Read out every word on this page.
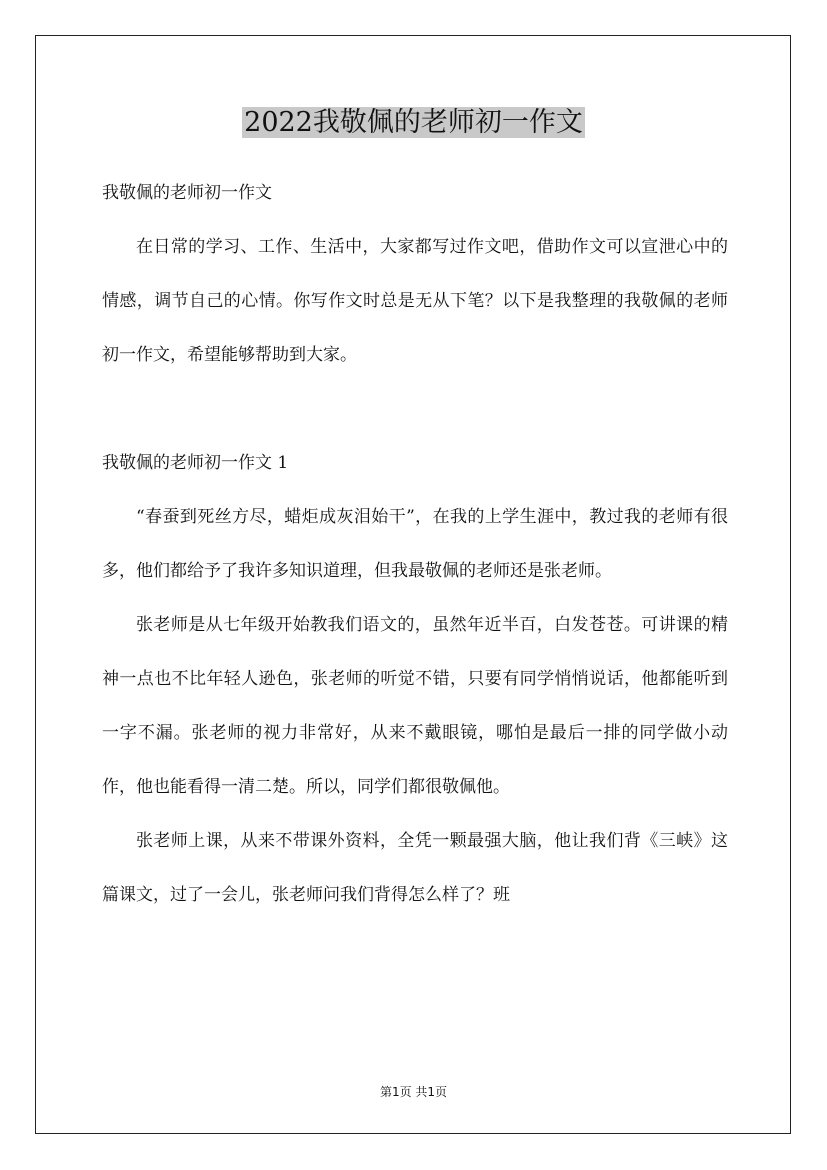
2022我敬佩的老师初一作文

我敬佩的老师初一作文

在日常的学习、工作、生活中，大家都写过作文吧，借助作文可以宣泄心中的情感，调节自己的心情。你写作文时总是无从下笔？以下是我整理的我敬佩的老师初一作文，希望能够帮助到大家。

我敬佩的老师初一作文 1

“春蚕到死丝方尽，蜡炬成灰泪始干”，在我的上学生涯中，教过我的老师有很多，他们都给予了我许多知识道理，但我最敬佩的老师还是张老师。

张老师是从七年级开始教我们语文的，虽然年近半百，白发苍苍。可讲课的精神一点也不比年轻人逊色，张老师的听觉不错，只要有同学悄悄说话，他都能听到一字不漏。张老师的视力非常好，从来不戴眼镜，哪怕是最后一排的同学做小动作，他也能看得一清二楚。所以，同学们都很敬佩他。

张老师上课，从来不带课外资料，全凭一颗最强大脑，他让我们背《三峡》这篇课文，过了一会儿，张老师问我们背得怎么样了？班

第1页 共1页
